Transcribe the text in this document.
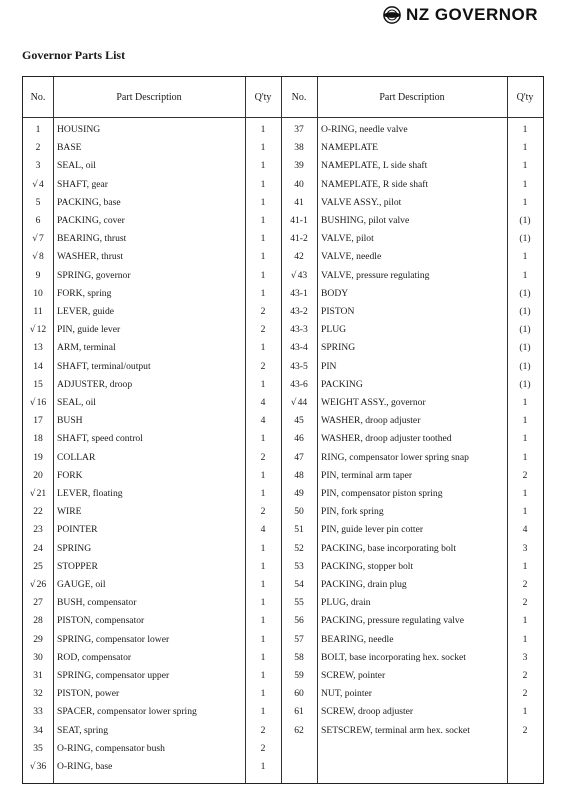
NZ GOVERNOR
Governor Parts List
No.	Part Description	Q'ty No.	Part Description	Q'ty
1	HOUSING	1
2	BASE	1
3	SEAL, oil	1
√4	SHAFT, gear	1
5	PACKING, base	1
6	PACKING, cover	1
√7	BEARING, thrust	1
√8	WASHER, thrust	1
9	SPRING, governor	1
10	FORK, spring	1
11	LEVER, guide	2
√12	PIN, guide lever	2
13	ARM, terminal	1
14	SHAFT, terminal/output	2
15	ADJUSTER, droop	1
√16	SEAL, oil	4
17	BUSH	4
18	SHAFT, speed control	1
19	COLLAR	2
20	FORK	1
√21	LEVER, floating	1
22	WIRE	2
23	POINTER	4
24	SPRING	1
25	STOPPER	1
√26	GAUGE, oil	1
27	BUSH, compensator	1
28	PISTON, compensator	1
29	SPRING, compensator lower	1
30	ROD, compensator	1
31	SPRING, compensator upper	1
32	PISTON, power	1
33	SPACER, compensator lower spring	1
34	SEAT, spring	2
35	O-RING, compensator bush	2
√36	O-RING, base	1
37	O-RING, needle valve	1
38	NAMEPLATE	1
39	NAMEPLATE, L side shaft	1
40	NAMEPLATE, R side shaft	1
41	VALVE ASSY., pilot	1
41-1	BUSHING, pilot valve	(1)
41-2	VALVE, pilot	(1)
42	VALVE, needle	1
√43	VALVE, pressure regulating	1
43-1	BODY	(1)
43-2	PISTON	(1)
43-3	PLUG	(1)
43-4	SPRING	(1)
43-5	PIN	(1)
43-6	PACKING	(1)
√44	WEIGHT ASSY., governor	1
45	WASHER, droop adjuster	1
46	WASHER, droop adjuster toothed	1
47	RING, compensator lower spring snap	1
48	PIN, terminal arm taper	2
49	PIN, compensator piston spring	1
50	PIN, fork spring	1
51	PIN, guide lever pin cotter	4
52	PACKING, base incorporating bolt	3
53	PACKING, stopper bolt	1
54	PACKING, drain plug	2
55	PLUG, drain	2
56	PACKING, pressure regulating valve	1
57	BEARING, needle	1
58	BOLT, base incorporating hex. socket	3
59	SCREW, pointer	2
60	NUT, pointer	2
61	SCREW, droop adjuster	1
62	SETSCREW, terminal arm hex. socket	2
